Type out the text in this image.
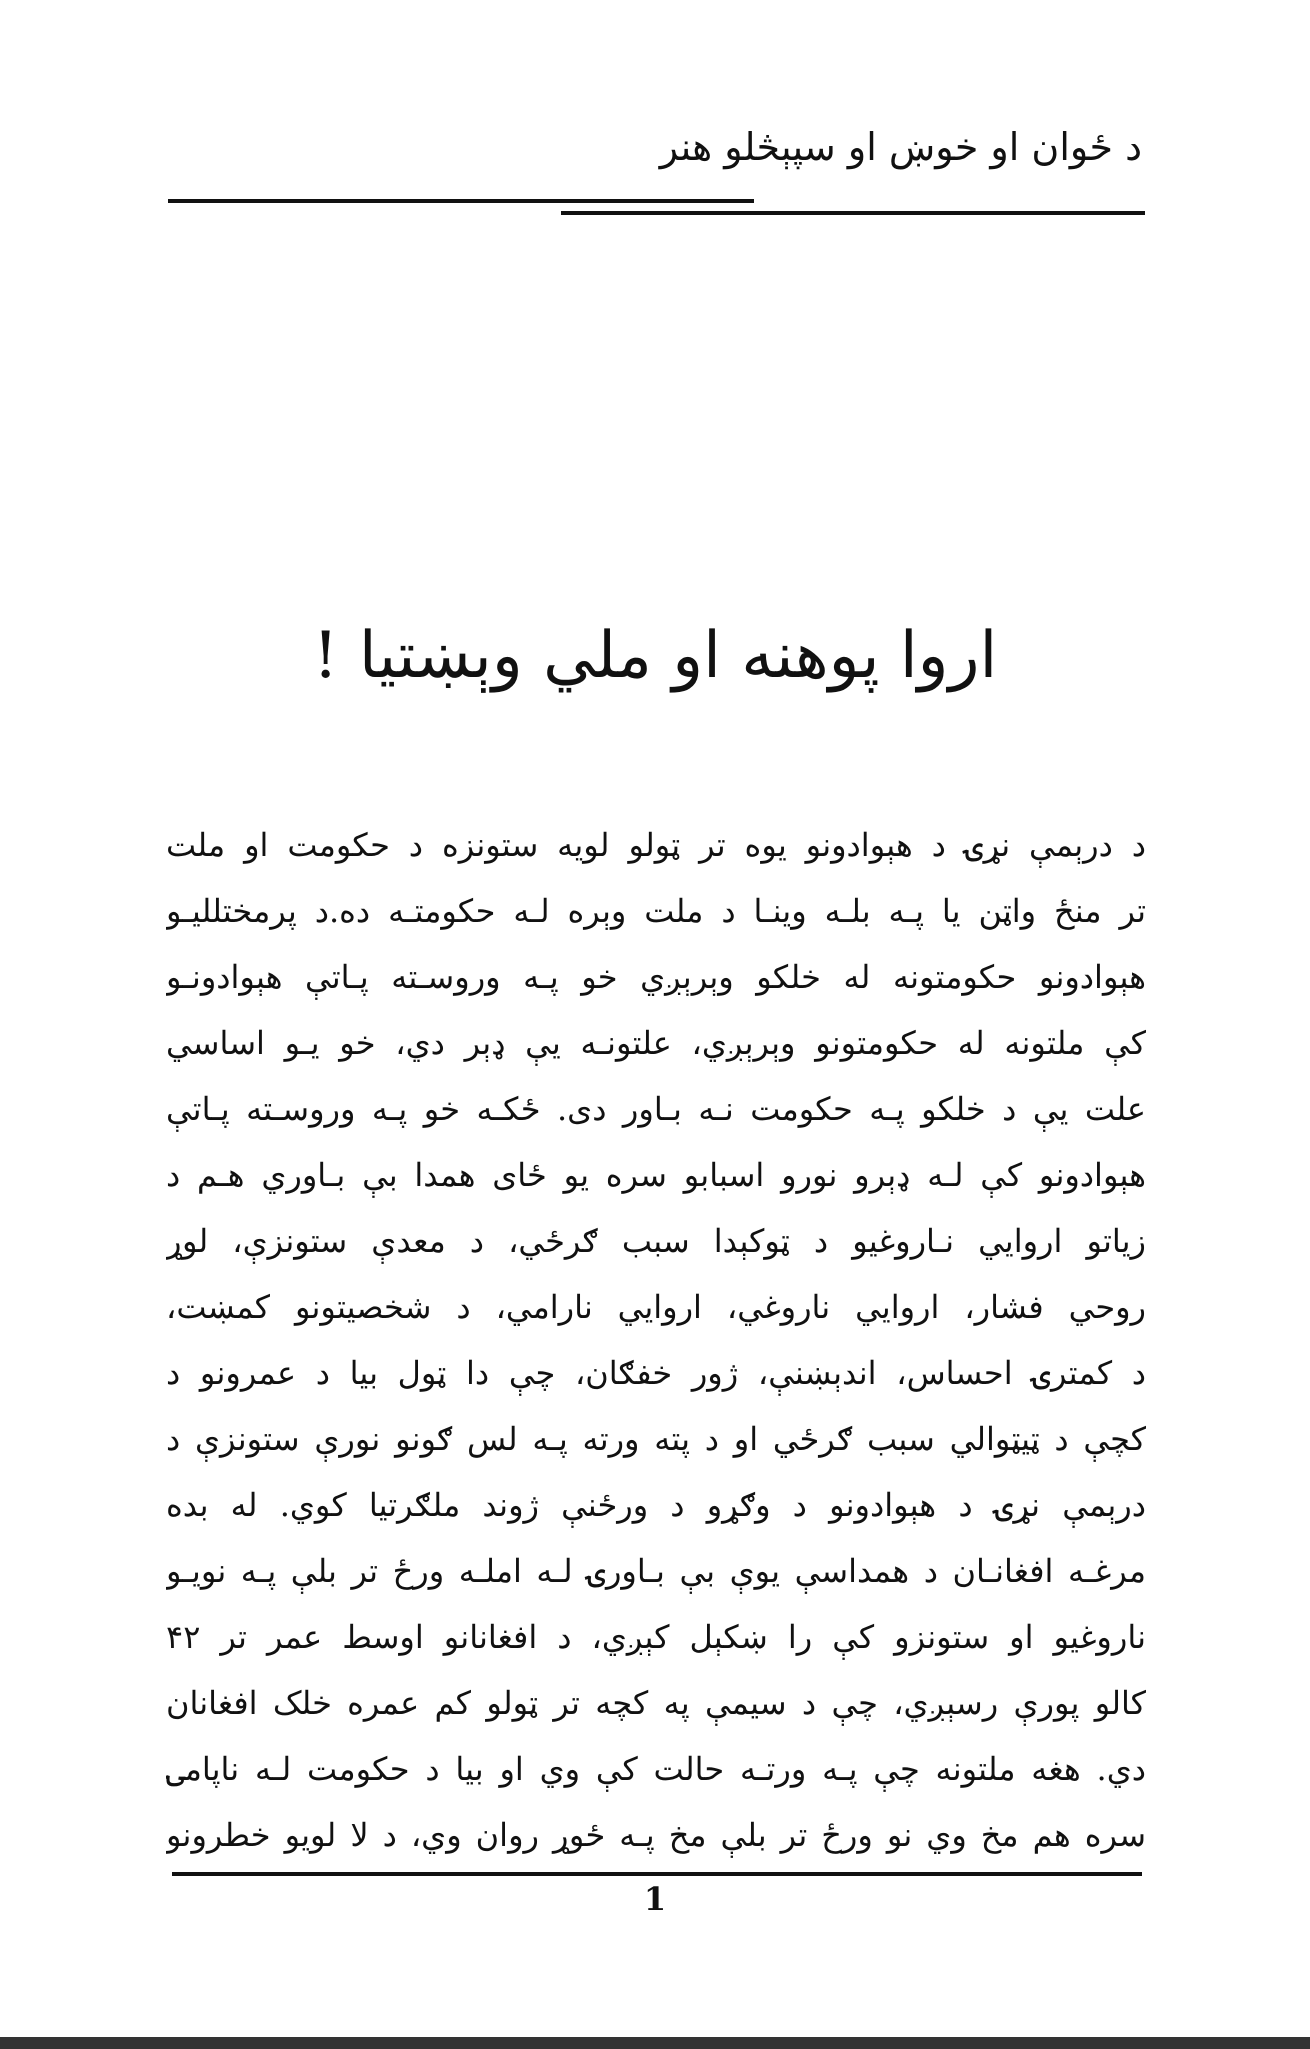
د ځوان او خوښ او سپېڅلو هنر
اروا پوهنه او ملي وېښتیا !
د درېمې نړۍ د هېوادونو یوه تر ټولو لویه ستونزه د حکومت او ملت
تر منځ واټن یا پـه بلـه وینـا د ملت وېره لـه حکومتـه ده.د پرمختللیـو
هېوادونو حکومتونه له خلکو وېرېږي خو پـه وروسـته پـاتې هېوادونـو
کې ملتونه له حکومتونو وېرېږي، علتونـه یې ډېر دي، خو یـو اساسي
علت یې د خلکو پـه حکومت نـه بـاور دی. ځکـه خو پـه وروسـته پـاتې
هېوادونو کې لـه ډېرو نورو اسبابو سره یو ځای همدا بې بـاوري هـم د
زیاتو اروایي نـاروغیو د ټوکېدا سبب ګرځي، د معدې ستونزې، لوړ
روحي فشار، اروایي ناروغي، اروایي نارامي، د شخصیتونو کمښت،
د کمترۍ احساس، اندېښنې، ژور خفګان، چې دا ټول بیا د عمرونو د
کچې د ټیټوالي سبب ګرځي او د پته ورته پـه لس ګونو نورې ستونزې د
درېمې نړۍ د هېوادونو د وګړو د ورځنې ژوند ملګرتیا کوي. له بده
مرغـه افغانـان د همداسې یوې بې بـاورۍ لـه املـه ورځ تر بلې پـه نویـو
ناروغیو او ستونزو کې را ښکېل کېږي، د افغانانو اوسط عمر تر ۴۲
کالو پورې رسېږي، چې د سیمې په کچه تر ټولو کم عمره خلک افغانان
دي. هغه ملتونه چې پـه ورتـه حالت کې وي او بیا د حکومت لـه ناپامۍ
سره هم مخ وي نو ورځ تر بلې مخ پـه ځوړ روان وي، د لا لویو خطرونو
1
